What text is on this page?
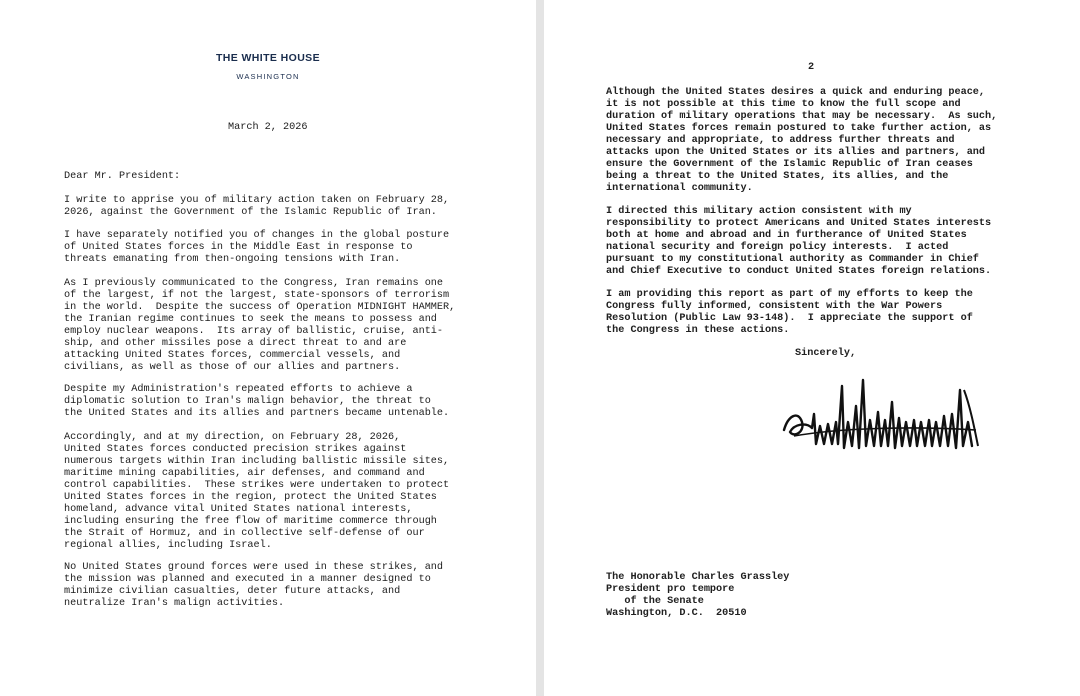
THE WHITE HOUSE
WASHINGTON
March 2, 2026
Dear Mr. President:
I write to apprise you of military action taken on February 28,
2026, against the Government of the Islamic Republic of Iran.
I have separately notified you of changes in the global posture
of United States forces in the Middle East in response to
threats emanating from then-ongoing tensions with Iran.
As I previously communicated to the Congress, Iran remains one
of the largest, if not the largest, state-sponsors of terrorism
in the world.  Despite the success of Operation MIDNIGHT HAMMER,
the Iranian regime continues to seek the means to possess and
employ nuclear weapons.  Its array of ballistic, cruise, anti-
ship, and other missiles pose a direct threat to and are
attacking United States forces, commercial vessels, and
civilians, as well as those of our allies and partners.
Despite my Administration's repeated efforts to achieve a
diplomatic solution to Iran's malign behavior, the threat to
the United States and its allies and partners became untenable.
Accordingly, and at my direction, on February 28, 2026,
United States forces conducted precision strikes against
numerous targets within Iran including ballistic missile sites,
maritime mining capabilities, air defenses, and command and
control capabilities.  These strikes were undertaken to protect
United States forces in the region, protect the United States
homeland, advance vital United States national interests,
including ensuring the free flow of maritime commerce through
the Strait of Hormuz, and in collective self-defense of our
regional allies, including Israel.
No United States ground forces were used in these strikes, and
the mission was planned and executed in a manner designed to
minimize civilian casualties, deter future attacks, and
neutralize Iran's malign activities.
2
Although the United States desires a quick and enduring peace,
it is not possible at this time to know the full scope and
duration of military operations that may be necessary.  As such,
United States forces remain postured to take further action, as
necessary and appropriate, to address further threats and
attacks upon the United States or its allies and partners, and
ensure the Government of the Islamic Republic of Iran ceases
being a threat to the United States, its allies, and the
international community.
I directed this military action consistent with my
responsibility to protect Americans and United States interests
both at home and abroad and in furtherance of United States
national security and foreign policy interests.  I acted
pursuant to my constitutional authority as Commander in Chief
and Chief Executive to conduct United States foreign relations.
I am providing this report as part of my efforts to keep the
Congress fully informed, consistent with the War Powers
Resolution (Public Law 93-148).  I appreciate the support of
the Congress in these actions.
Sincerely,
The Honorable Charles Grassley
President pro tempore
of the Senate
Washington, D.C.  20510
